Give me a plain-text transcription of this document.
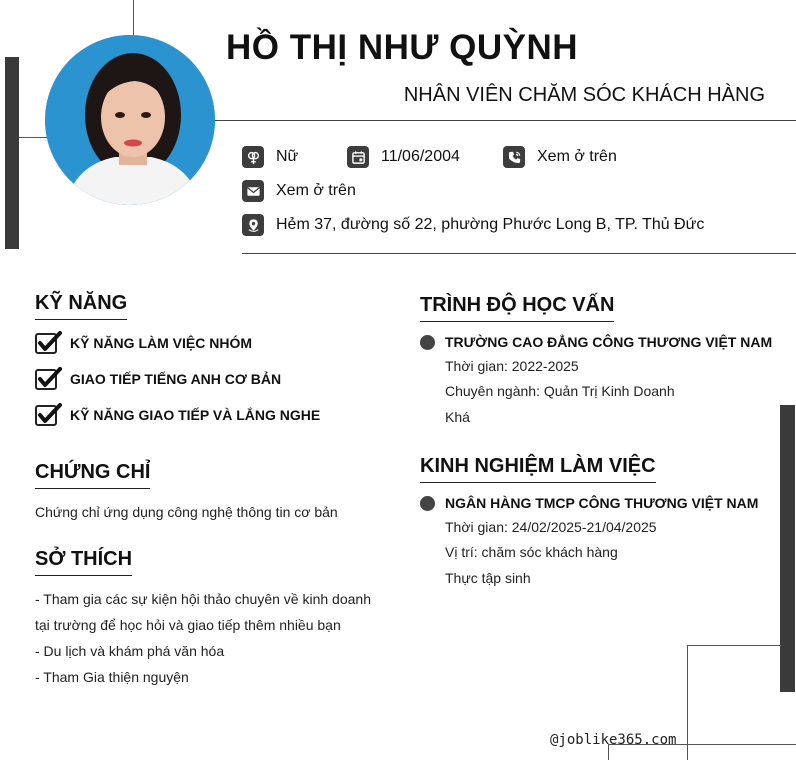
HỒ THỊ NHƯ QUỲNH
NHÂN VIÊN CHĂM SÓC KHÁCH HÀNG
Nữ	11/06/2004	Xem ở trên
Xem ở trên
Hẻm 37, đường số 22, phường Phước Long B, TP. Thủ Đức
KỸ NĂNG
KỸ NĂNG LÀM VIỆC NHÓM
GIAO TIẾP TIẾNG ANH CƠ BẢN
KỸ NĂNG GIAO TIẾP VÀ LẮNG NGHE
CHỨNG CHỈ
Chứng chỉ ứng dụng công nghệ thông tin cơ bản
SỞ THÍCH
- Tham gia các sự kiện hội thảo chuyên về kinh doanh
tại trường để học hỏi và giao tiếp thêm nhiều bạn
- Du lịch và khám phá văn hóa
- Tham Gia thiện nguyện
TRÌNH ĐỘ HỌC VẤN
TRƯỜNG CAO ĐẲNG CÔNG THƯƠNG VIỆT NAM
Thời gian: 2022-2025
Chuyên ngành: Quản Trị Kinh Doanh
Khá
KINH NGHIỆM LÀM VIỆC
NGÂN HÀNG TMCP CÔNG THƯƠNG VIỆT NAM
Thời gian: 24/02/2025-21/04/2025
Vị trí: chăm sóc khách hàng
Thực tập sinh
@joblike365.com
